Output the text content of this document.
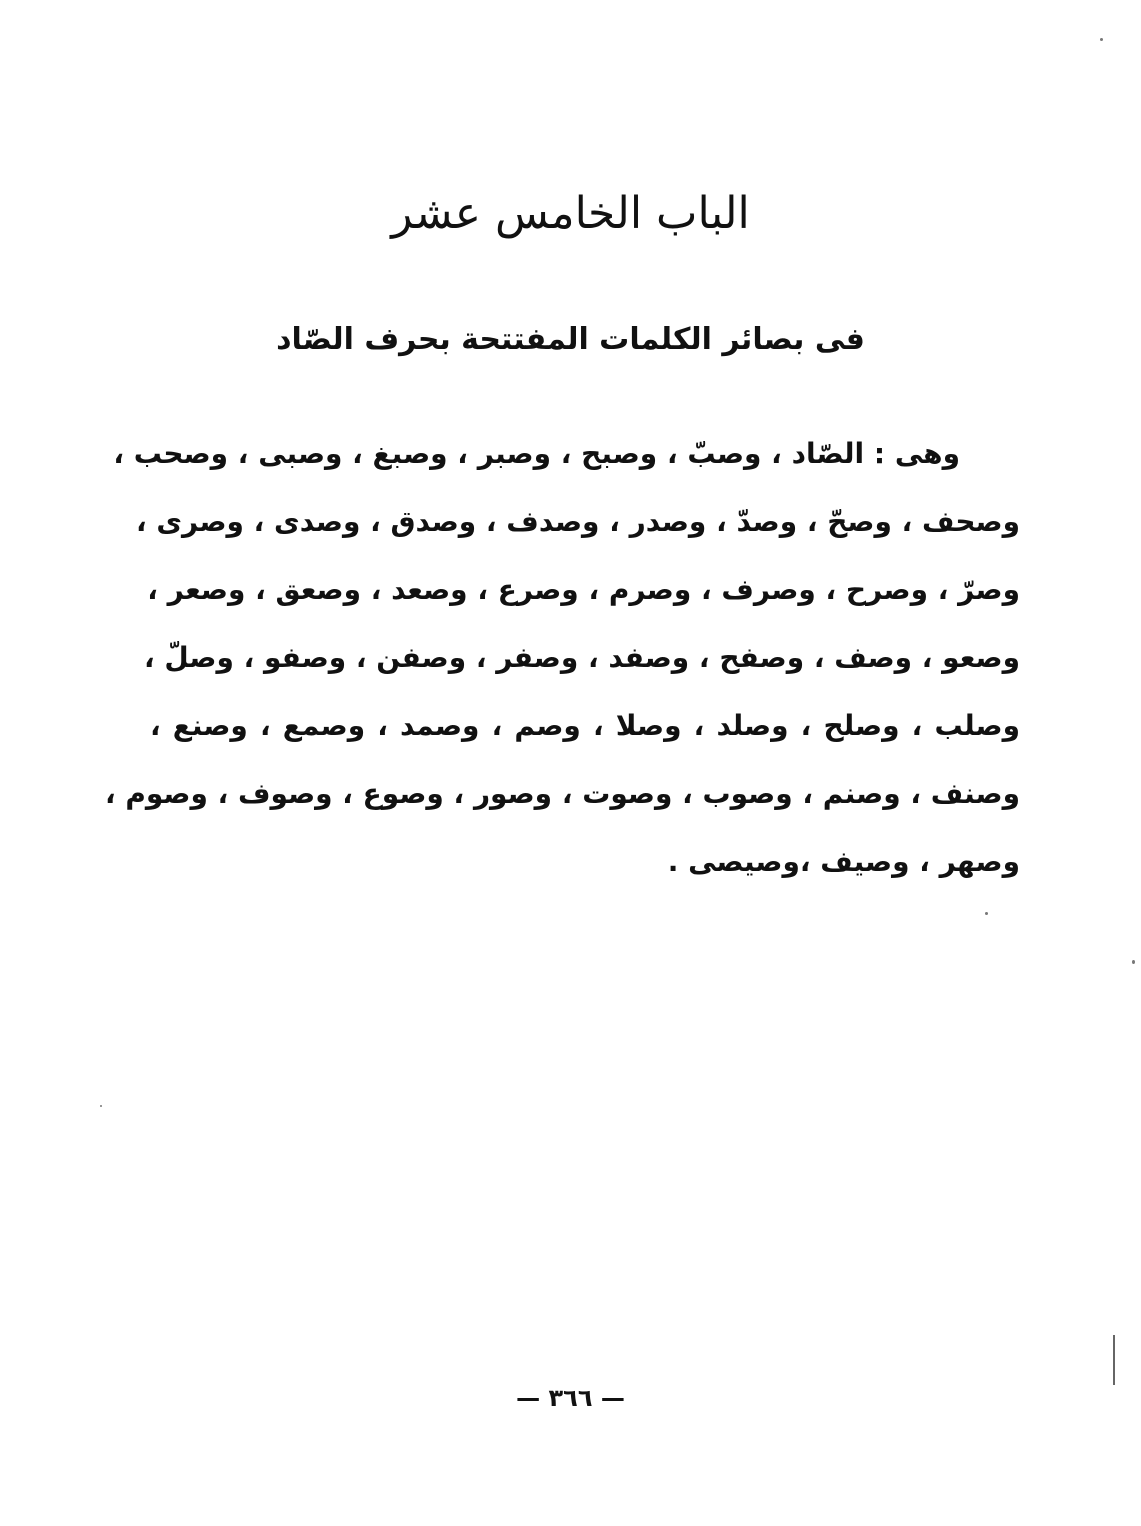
الباب الخامس عشر
فى بصائر الكلمات المفتتحة بحرف الصّاد
وهى : الصّاد ، وصبّ ، وصبح ، وصبر ، وصبغ ، وصبى ، وصحب ،
وصحف ، وصحّ ، وصدّ ، وصدر ، وصدف ، وصدق ، وصدى ، وصرى ،
وصرّ ، وصرح ، وصرف ، وصرم ، وصرع ، وصعد ، وصعق ، وصعر ،
وصعو ، وصف ، وصفح ، وصفد ، وصفر ، وصفن ، وصفو ، وصلّ ،
وصلب ، وصلح ، وصلد ، وصلا ، وصم ، وصمد ، وصمع ، وصنع ،
وصنف ، وصنم ، وصوب ، وصوت ، وصور ، وصوع ، وصوف ، وصوم ،
وصهر ، وصيف ،وصيصى .
— ٣٦٦ —
